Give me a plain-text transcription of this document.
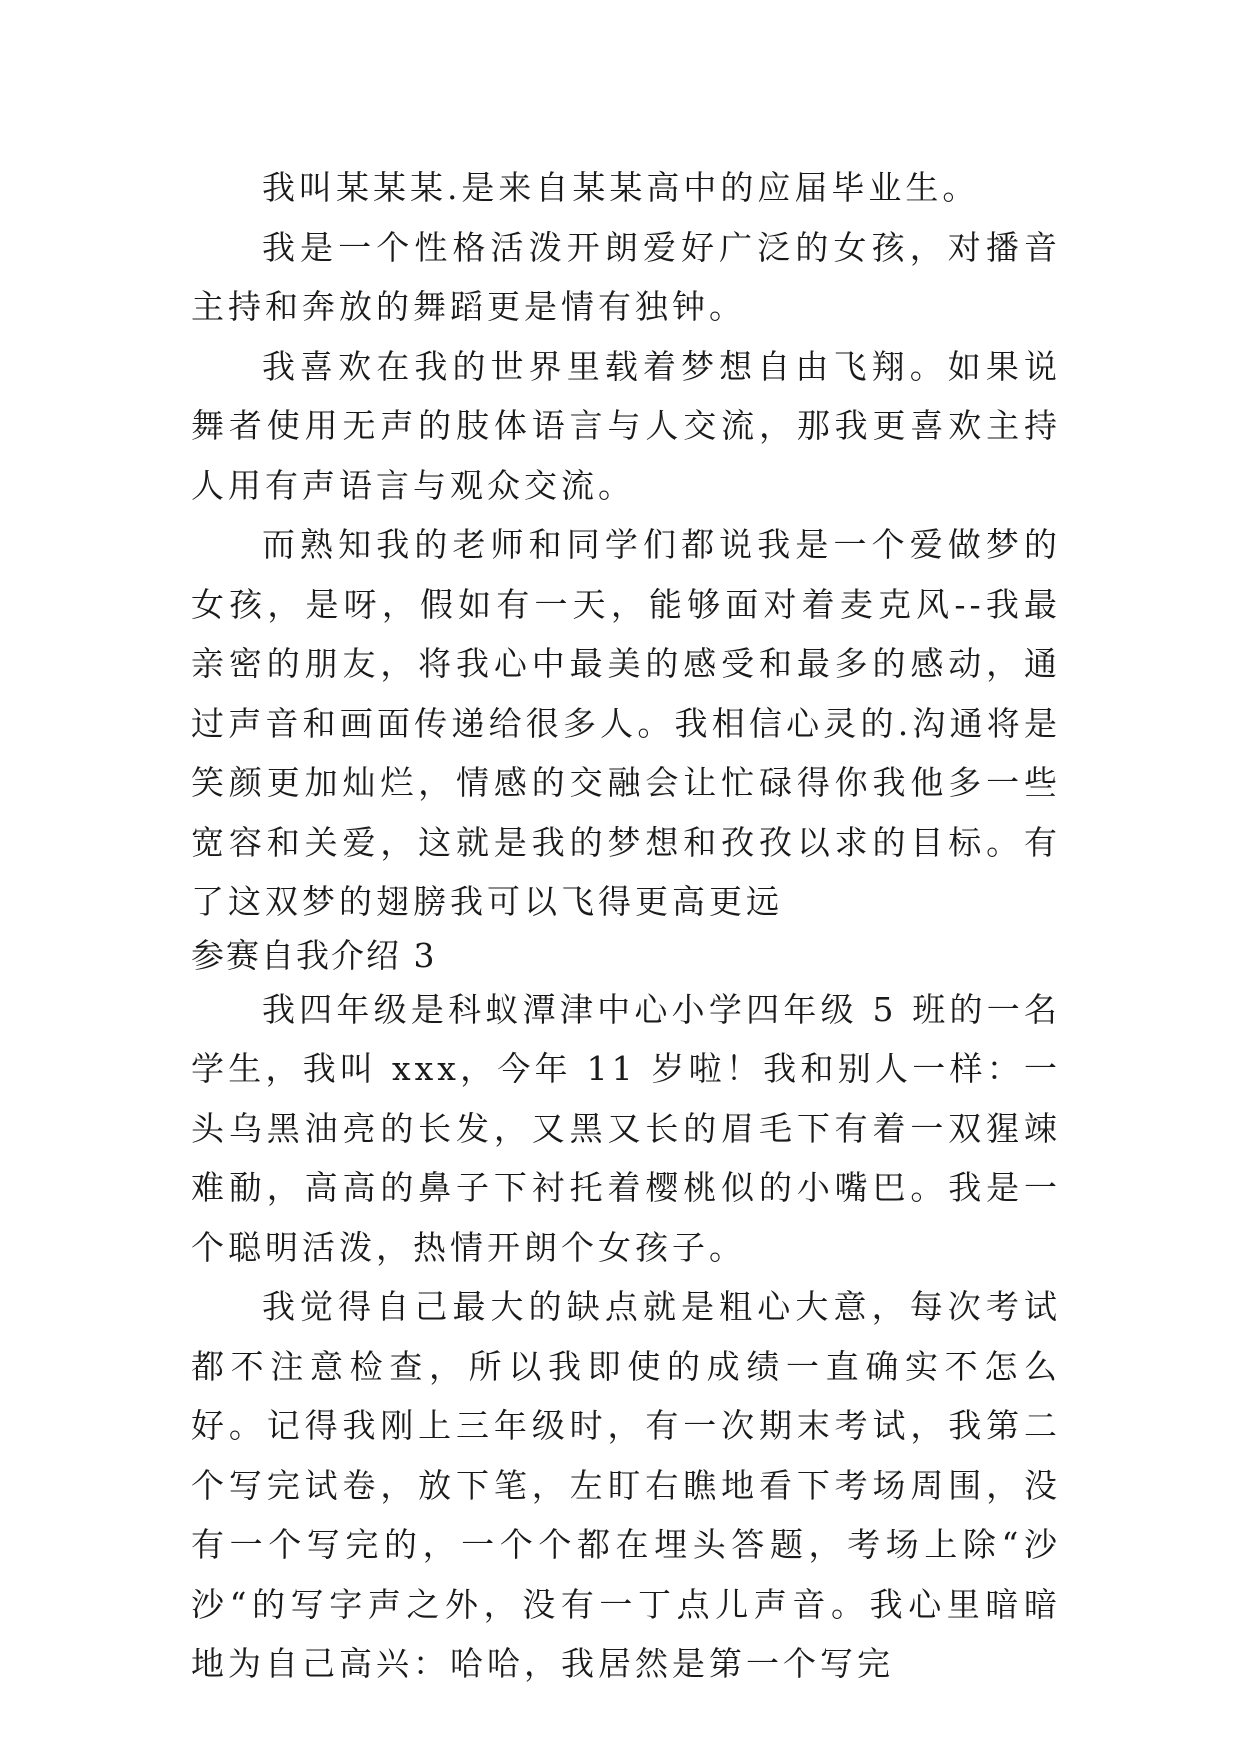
我叫某某某.是来自某某高中的应届毕业生。

我是一个性格活泼开朗爱好广泛的女孩，对播音主持和奔放的舞蹈更是情有独钟。

我喜欢在我的世界里载着梦想自由飞翔。如果说舞者使用无声的肢体语言与人交流，那我更喜欢主持人用有声语言与观众交流。

而熟知我的老师和同学们都说我是一个爱做梦的女孩，是呀，假如有一天，能够面对着麦克风--我最亲密的朋友，将我心中最美的感受和最多的感动，通过声音和画面传递给很多人。我相信心灵的.沟通将是笑颜更加灿烂，情感的交融会让忙碌得你我他多一些宽容和关爱，这就是我的梦想和孜孜以求的目标。有了这双梦的翅膀我可以飞得更高更远

参赛自我介绍 3

我四年级是科蚁潭津中心小学四年级 5 班的一名学生，我叫 xxx，今年 11 岁啦！我和别人一样：一头乌黑油亮的长发，又黑又长的眉毛下有着一双猩竦难勈，高高的鼻子下衬托着樱桃似的小嘴巴。我是一个聪明活泼，热情开朗个女孩子。

我觉得自己最大的缺点就是粗心大意，每次考试都不注意检查，所以我即使的成绩一直确实不怎么好。记得我刚上三年级时，有一次期末考试，我第二个写完试卷，放下笔，左盯右瞧地看下考场周围，没有一个写完的，一个个都在埋头答题，考场上除“沙沙“的写字声之外，没有一丁点儿声音。我心里暗暗地为自己高兴：哈哈，我居然是第一个写完
